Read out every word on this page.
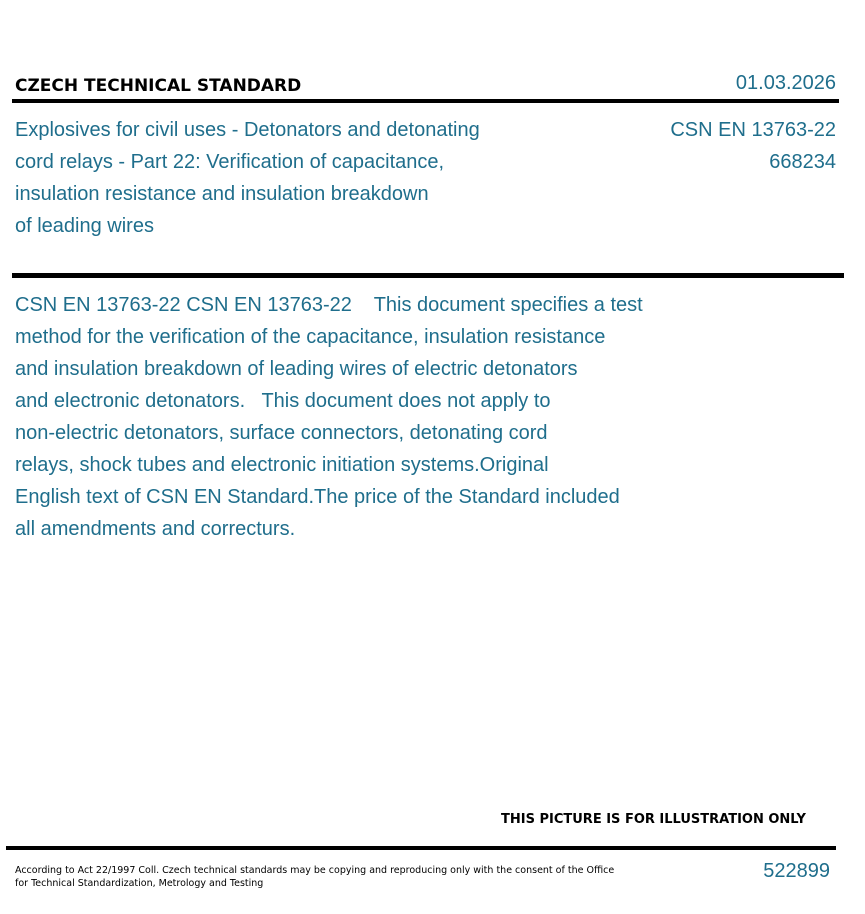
CZECH TECHNICAL STANDARD	01.03.2026
Explosives for civil uses - Detonators and detonating
cord relays - Part 22: Verification of capacitance,
insulation resistance and insulation breakdown
of leading wires
CSN EN 13763-22
668234
CSN EN 13763-22 CSN EN 13763-22    This document specifies a test
method for the verification of the capacitance, insulation resistance
and insulation breakdown of leading wires of electric detonators
and electronic detonators.   This document does not apply to
non-electric detonators, surface connectors, detonating cord
relays, shock tubes and electronic initiation systems.Original
English text of CSN EN Standard.The price of the Standard included
all amendments and correcturs.
THIS PICTURE IS FOR ILLUSTRATION ONLY
According to Act 22/1997 Coll. Czech technical standards may be copying and reproducing only with the consent of the Office
for Technical Standardization, Metrology and Testing
522899
